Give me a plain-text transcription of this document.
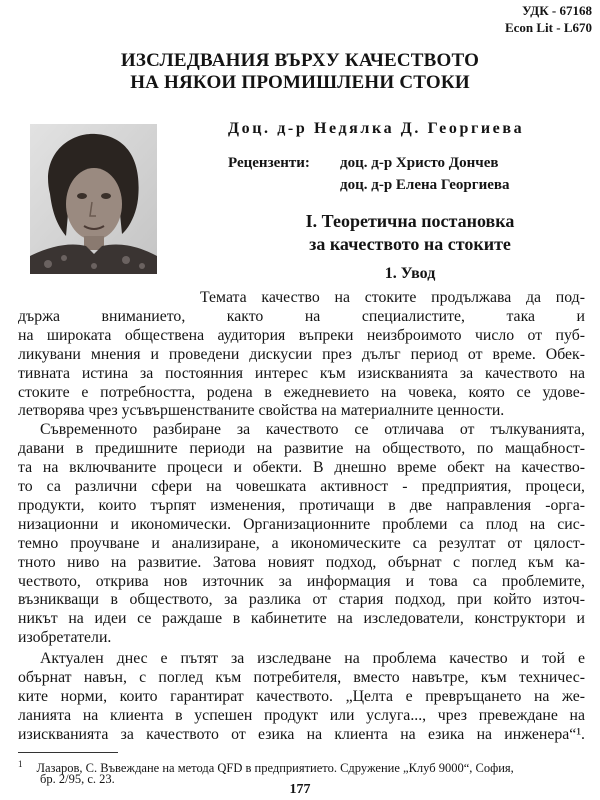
УДК - 67168
Econ Lit - L670
ИЗСЛЕДВАНИЯ ВЪРХУ КАЧЕСТВОТО
НА НЯКОИ ПРОМИШЛЕНИ СТОКИ
Доц. д-р Недялка Д. Георгиева
Рецензенти: доц. д-р Христо Дончев
доц. д-р Елена Георгиева
І. Теоретична постановка
за качеството на стоките
1. Увод
Темата качество на стоките продължава да под-
държа вниманието, както на специалистите, така и
на широката обществена аудитория въпреки неизброимото число от пуб-
ликувани мнения и проведени дискусии през дълъг период от време. Обек-
тивната истина за постоянния интерес към изискванията за качеството на
стоките е потребността, родена в ежедневието на човека, която се удове-
летворява чрез усъвършенстваните свойства на материалните ценности.
Съвременното разбиране за качеството се отличава от тълкуванията,
давани в предишните периоди на развитие на обществото, по мащабност-
та на включваните процеси и обекти. В днешно време обект на качество-
то са различни сфери на човешката активност - предприятия, процеси,
продукти, които търпят изменения, протичащи в две направления -орга-
низационни и икономически. Организационните проблеми са плод на сис-
темно проучване и анализиране, а икономическите са резултат от цялост-
тното ниво на развитие. Затова новият подход, обърнат с поглед към ка-
чеството, открива нов източник за информация и това са проблемите,
възникващи в обществото, за разлика от стария подход, при който източ-
никът на идеи се раждаше в кабинетите на изследователи, конструктори и
изобретатели.
Актуален днес е пътят за изследване на проблема качество и той е
обърнат навън, с поглед към потребителя, вместо навътре, към техничес-
ките норми, които гарантират качеството. „Целта е превръщането на же-
ланията на клиента в успешен продукт или услуга..., чрез превеждане на
изискванията за качеството от езика на клиента на езика на инженера“¹.
177
$^1$ Лазаров, С. Въвеждане на метода QFD в предприятието. Сдружение „Клуб 9000“, София,
бр. 2/95, с. 23.
